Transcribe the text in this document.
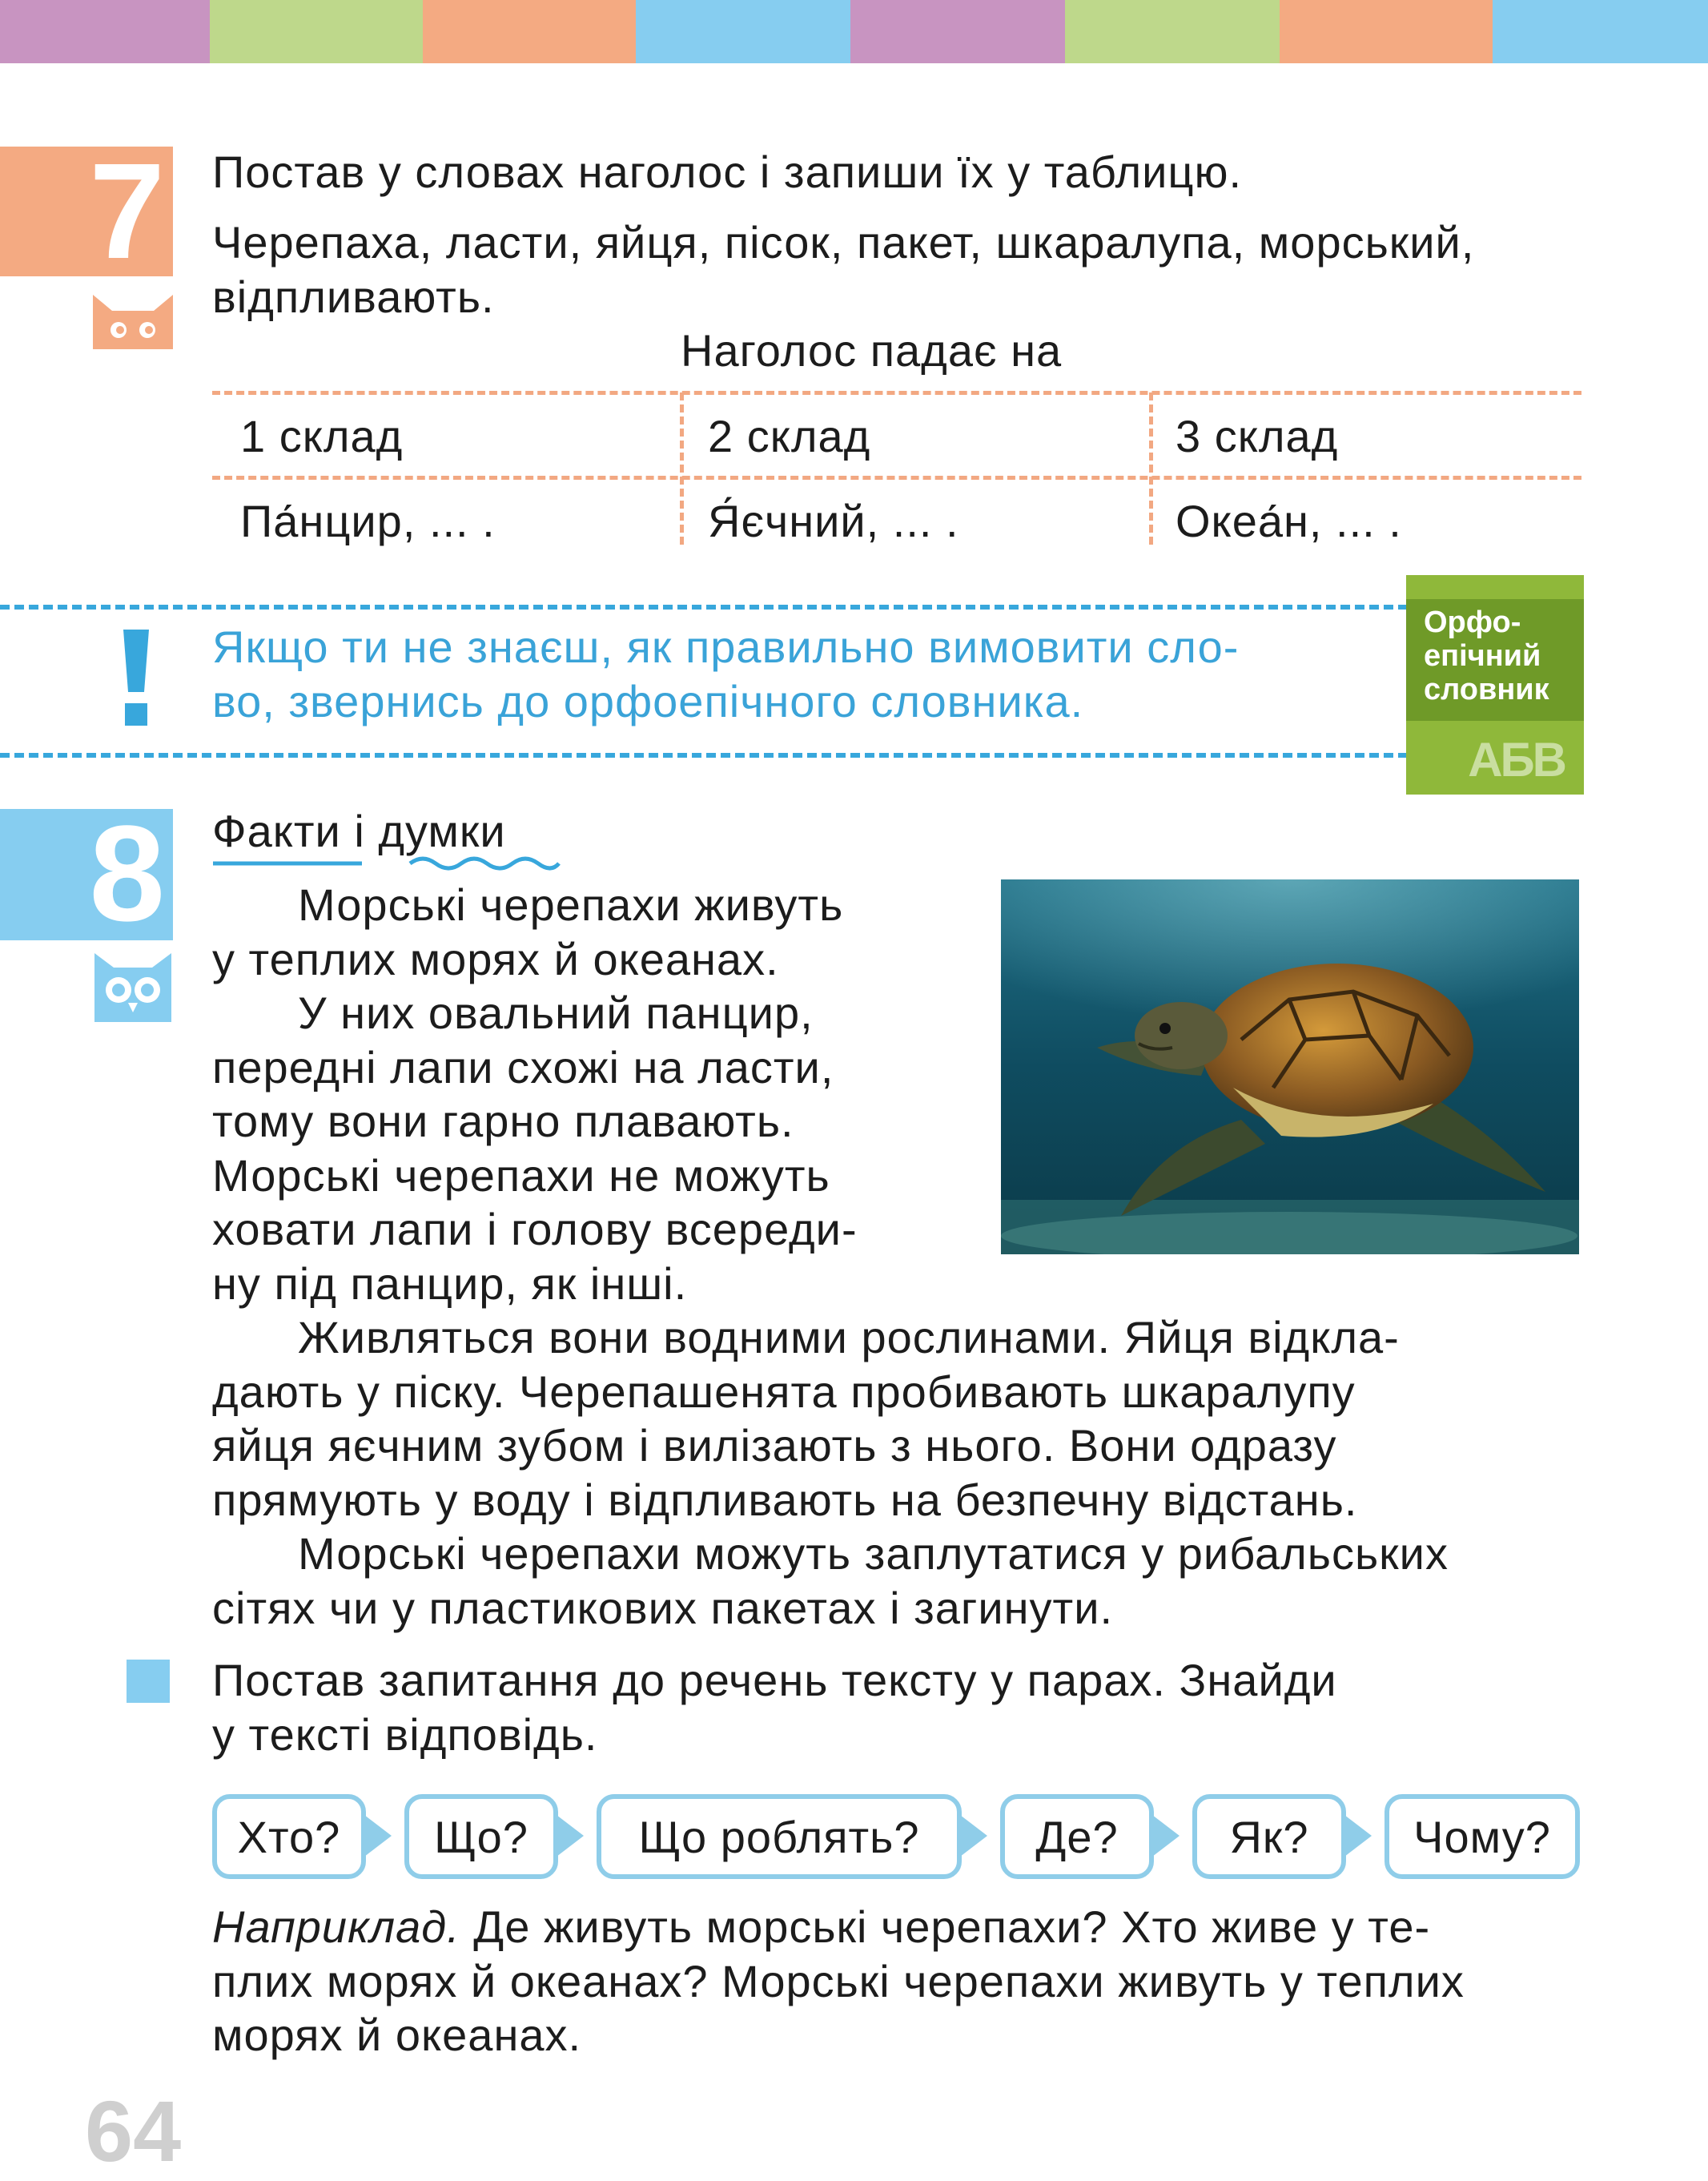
7 Постав у словах наголос і запиши їх у таблицю.
Черепаха, ласти, яйця, пісок, пакет, шкаралупа, морський,
відпливають.
Наголос падає на
1 склад	2 склад	3 склад
Па́нцир, ... .	Я́єчний, ... .	Океа́н, ... .
Якщо ти не знаєш, як правильно вимовити сло-
во, звернись до орфоепічного словника.
Орфо-
епічний
словник
АБВ
8 Факти і думки
Морські черепахи живуть
у теплих морях й океанах.
У них овальний панцир,
передні лапи схожі на ласти,
тому вони гарно плавають.
Морські черепахи не можуть
ховати лапи і голову всереди-
ну під панцир, як інші.
Живляться вони водними рослинами. Яйця відкла-
дають у піску. Черепашенята пробивають шкаралупу
яйця яєчним зубом і вилізають з нього. Вони одразу
прямують у воду і відпливають на безпечну відстань.
Морські черепахи можуть заплутатися у рибальських
сітях чи у пластикових пакетах і загинути.
Постав запитання до речень тексту у парах. Знайди
у тексті відповідь.
Хто?	Що?	Що роблять?	Де?	Як?	Чому?
Наприклад. Де живуть морські черепахи? Хто живе у те-
плих морях й океанах? Морські черепахи живуть у теплих
морях й океанах.
64
